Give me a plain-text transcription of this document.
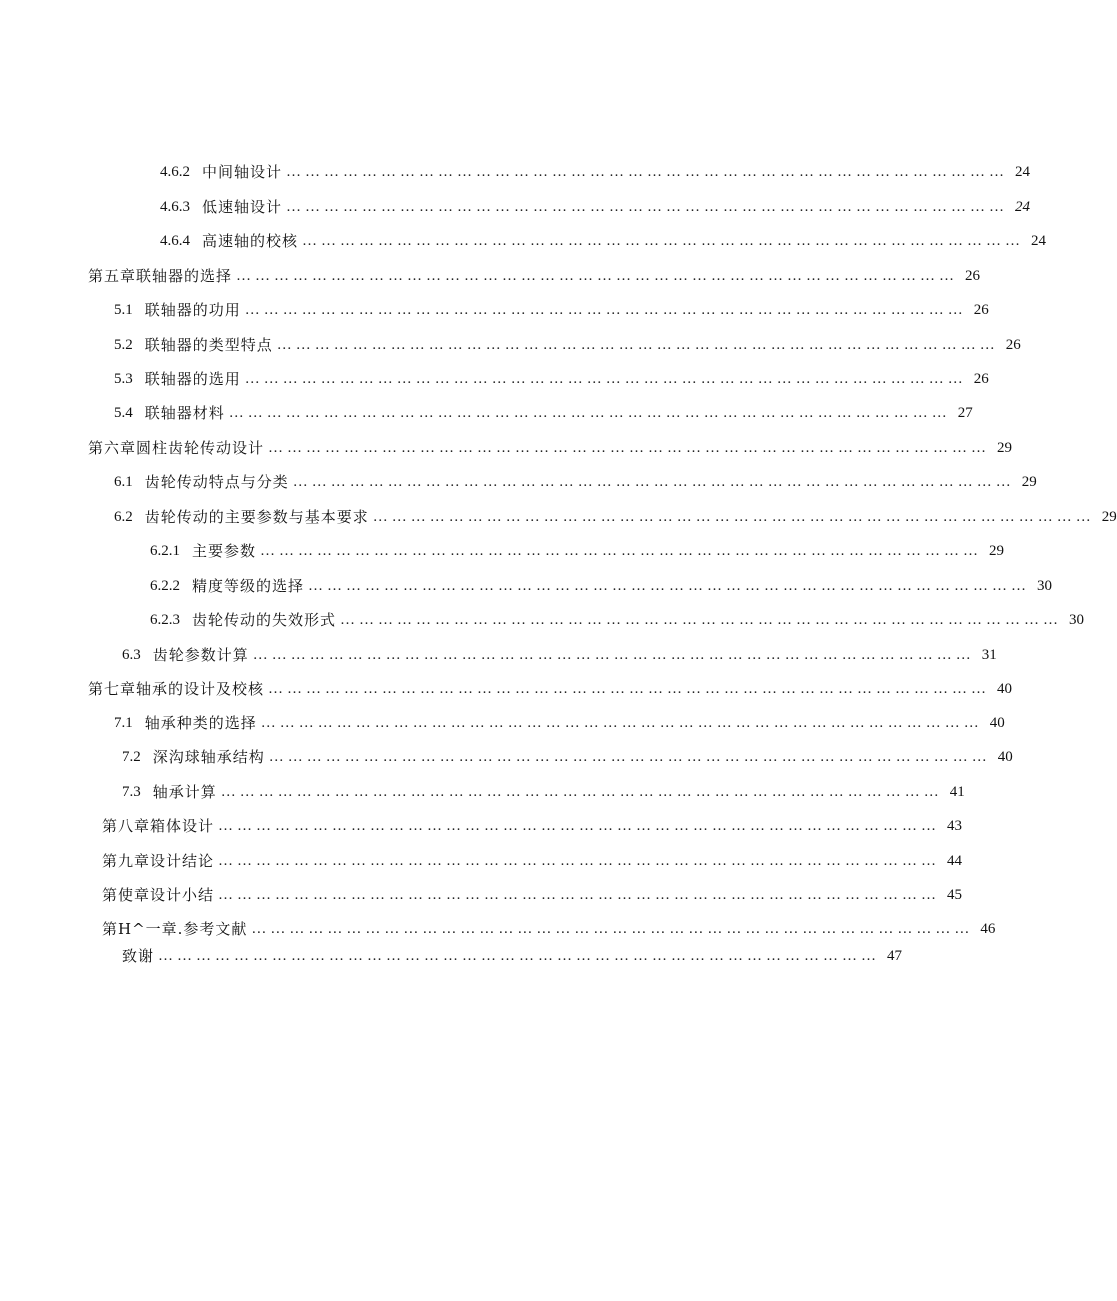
4.6.2 中间轴设计 …………………………………………………………………………………………………… 24
4.6.3 低速轴设计 …………………………………………………………………………………………………… 24
4.6.4 高速轴的校核 …………………………………………………………………………………………………… 24
第五章联轴器的选择 …………………………………………………………………………………………………… 26
5.1 联轴器的功用 …………………………………………………………………………………………………… 26
5.2 联轴器的类型特点 …………………………………………………………………………………………………… 26
5.3 联轴器的选用 …………………………………………………………………………………………………… 26
5.4 联轴器材料 …………………………………………………………………………………………………… 27
第六章圆柱齿轮传动设计 …………………………………………………………………………………………………… 29
6.1 齿轮传动特点与分类 …………………………………………………………………………………………………… 29
6.2 齿轮传动的主要参数与基本要求 …………………………………………………………………………………………………… 29
6.2.1 主要参数 …………………………………………………………………………………………………… 29
6.2.2 精度等级的选择 …………………………………………………………………………………………………… 30
6.2.3 齿轮传动的失效形式 …………………………………………………………………………………………………… 30
6.3 齿轮参数计算 …………………………………………………………………………………………………… 31
第七章轴承的设计及校核 …………………………………………………………………………………………………… 40
7.1 轴承种类的选择 …………………………………………………………………………………………………… 40
7.2 深沟球轴承结构 …………………………………………………………………………………………………… 40
7.3 轴承计算 …………………………………………………………………………………………………… 41
第八章箱体设计 …………………………………………………………………………………………………… 43
第九章设计结论 …………………………………………………………………………………………………… 44
第使章设计小结 …………………………………………………………………………………………………… 45
第H^一章.参考文献 …………………………………………………………………………………………………… 46
致谢 …………………………………………………………………………………………………… 47
